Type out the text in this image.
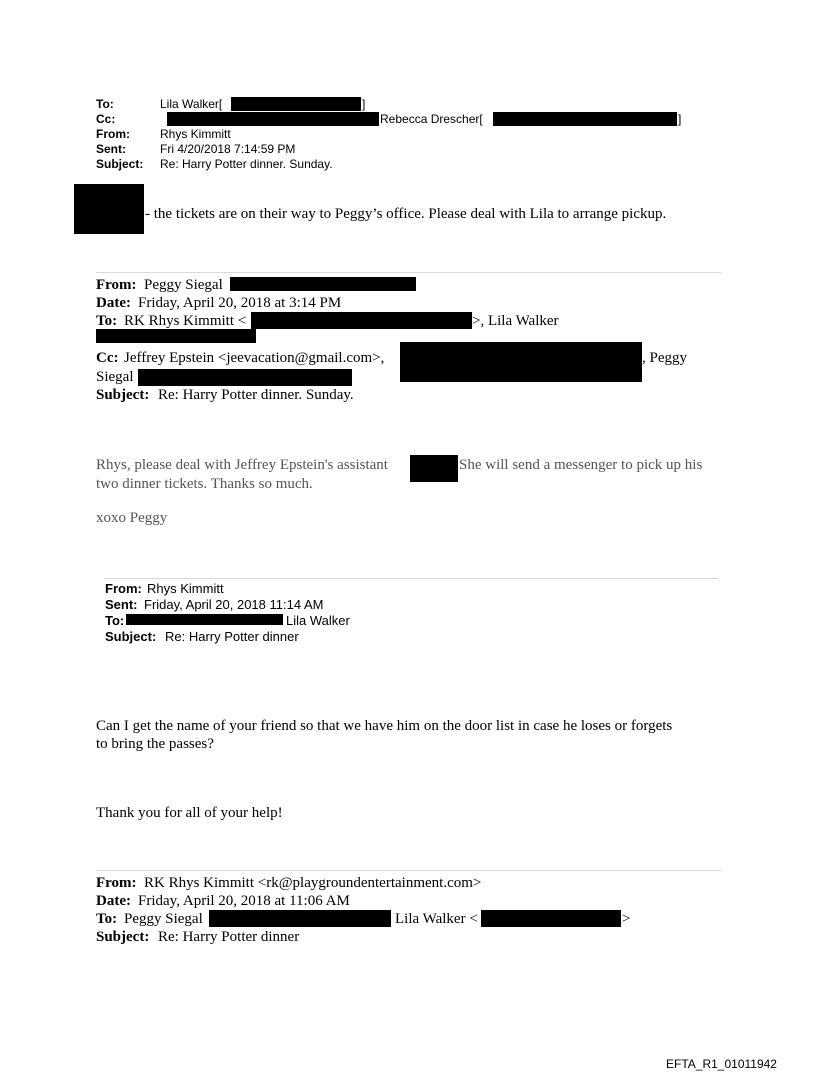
To:	Lila Walker[	]
Cc:	Rebecca Drescher[	]
From:	Rhys Kimmitt
Sent:	Fri 4/20/2018 7:14:59 PM
Subject: Re: Harry Potter dinner. Sunday.
- the tickets are on their way to Peggy’s office. Please deal with Lila to arrange pickup.
From: Peggy Siegal
Date: Friday, April 20, 2018 at 3:14 PM
To: RK Rhys Kimmitt <	>, Lila Walker
Cc: Jeffrey Epstein <jeevacation@gmail.com>,	, Peggy
Siegal
Subject: Re: Harry Potter dinner. Sunday.
Rhys, please deal with Jeffrey Epstein's assistant	She will send a messenger to pick up his
two dinner tickets. Thanks so much.
xoxo Peggy
From: Rhys Kimmitt
Sent: Friday, April 20, 2018 11:14 AM
To:	Lila Walker
Subject: Re: Harry Potter dinner
Can I get the name of your friend so that we have him on the door list in case he loses or forgets
to bring the passes?
Thank you for all of your help!
From: RK Rhys Kimmitt <rk@playgroundentertainment.com>
Date: Friday, April 20, 2018 at 11:06 AM
To: Peggy Siegal	Lila Walker <	>
Subject: Re: Harry Potter dinner
EFTA_R1_01011942
